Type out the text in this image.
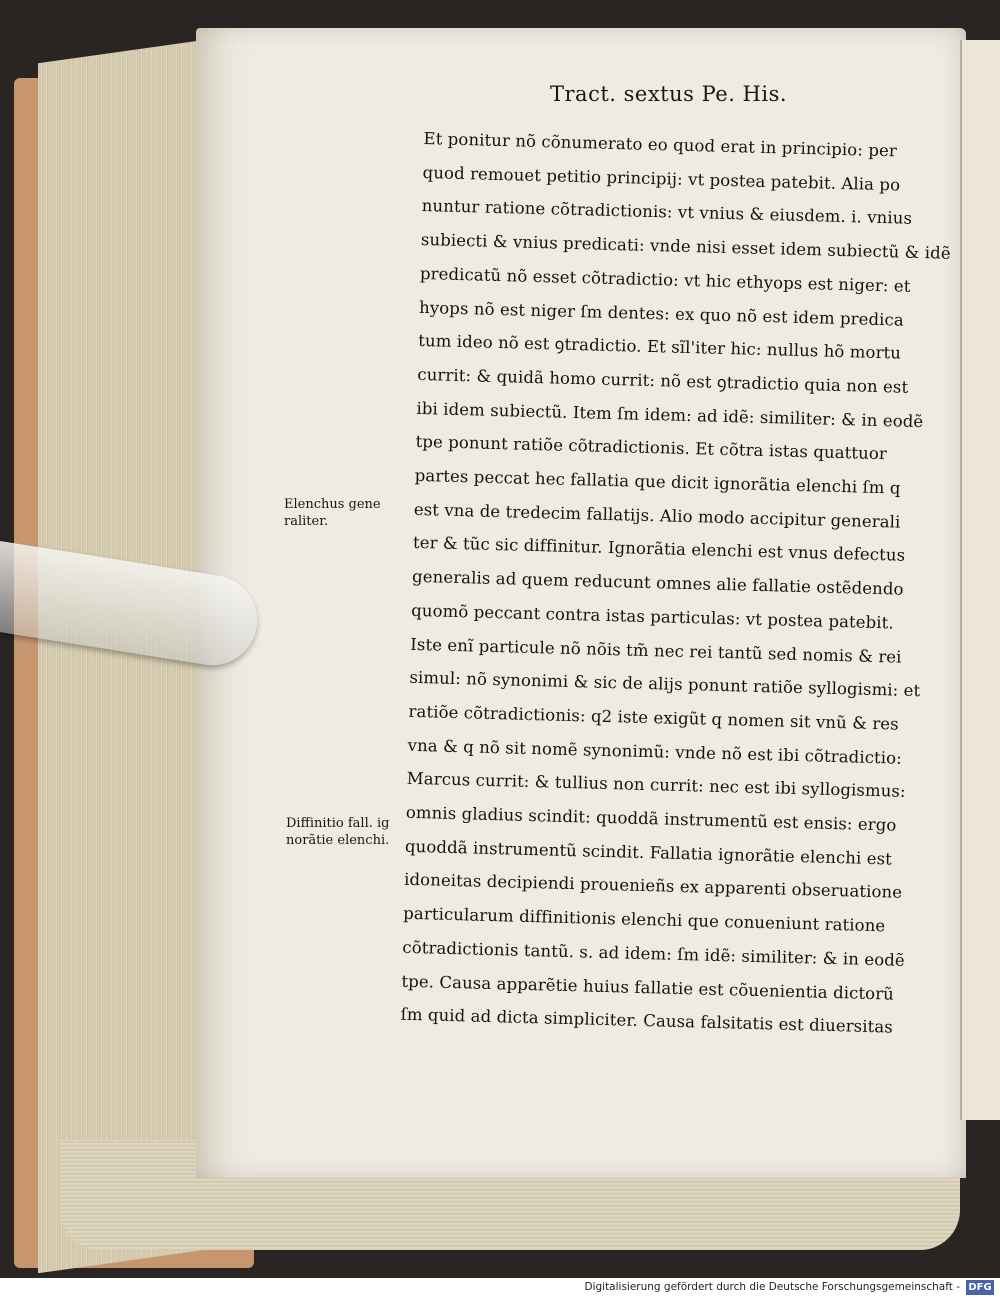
Tract. sextus Pe. His.
Et ponitur nõ cõnumerato eo quod erat in principio: per
quod remouet petitio principij: vt postea patebit. Alia po
nuntur ratione cõtradictionis: vt vnius & eiusdem. i. vnius
subiecti & vnius predicati: vnde nisi esset idem subiectũ & idẽ
predicatũ nõ esset cõtradictio: vt hic ethyops est niger: et
hyops nõ est niger ſm dentes: ex quo nõ est idem predica
tum ideo nõ est ꝯtradictio. Et sĩl'iter hic: nullus hõ mortu
currit: & quidã homo currit: nõ est ꝯtradictio quia non est
ibi idem subiectũ. Item ſm idem: ad idẽ: similiter: & in eodẽ
tpe ponunt ratiõe cõtradictionis. Et cõtra istas quattuor
partes peccat hec fallatia que dicit ignorãtia elenchi ſm q
est vna de tredecim fallatijs. Alio modo accipitur generali
ter & tũc sic diffinitur. Ignorãtia elenchi est vnus defectus
generalis ad quem reducunt omnes alie fallatie ostẽdendo
quomõ peccant contra istas particulas: vt postea patebit.
Iste enĩ particule nõ nõis tm̃ nec rei tantũ sed nomis & rei
simul: nõ synonimi & sic de alijs ponunt ratiõe syllogismi: et
ratiõe cõtradictionis: q2 iste exigũt q nomen sit vnũ & res
vna & q nõ sit nomẽ synonimũ: vnde nõ est ibi cõtradictio:
Marcus currit: & tullius non currit: nec est ibi syllogismus:
omnis gladius scindit: quoddã instrumentũ est ensis: ergo
quoddã instrumentũ scindit. Fallatia ignorãtie elenchi est
idoneitas decipiendi prouenieñs ex apparenti obseruatione
particularum diffinitionis elenchi que conueniunt ratione
cõtradictionis tantũ. s. ad idem: ſm idẽ: similiter: & in eodẽ
tpe. Causa apparẽtie huius fallatie est cõuenientia dictorũ
ſm quid ad dicta simpliciter. Causa falsitatis est diuersitas
Elenchus gene
raliter.
Diffinitio fall. ig
norãtie elenchi.
Digitalisierung gefördert durch die Deutsche Forschungsgemeinschaft - DFG
